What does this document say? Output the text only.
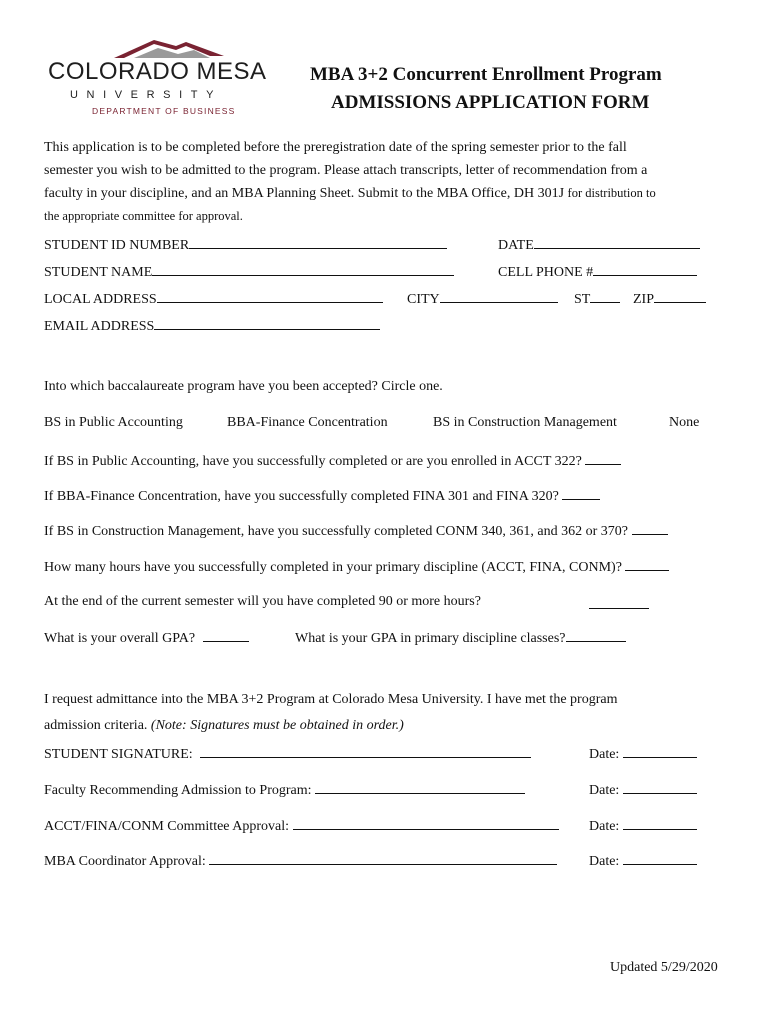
COLORADO MESA
UNIVERSITY
DEPARTMENT OF BUSINESS
MBA 3+2 Concurrent Enrollment Program
ADMISSIONS APPLICATION FORM
This application is to be completed before the preregistration date of the spring semester prior to the fall
semester you wish to be admitted to the program. Please attach transcripts, letter of recommendation from a
faculty in your discipline, and an MBA Planning Sheet. Submit to the MBA Office, DH 301J for distribution to
the appropriate committee for approval.
STUDENT ID NUMBER	DATE
STUDENT NAME	CELL PHONE #
LOCAL ADDRESS	CITY	ST	ZIP
EMAIL ADDRESS
Into which baccalaureate program have you been accepted? Circle one.
BS in Public Accounting	BBA-Finance Concentration	BS in Construction Management	None
If BS in Public Accounting, have you successfully completed or are you enrolled in ACCT 322?
If BBA-Finance Concentration, have you successfully completed FINA 301 and FINA 320?
If BS in Construction Management, have you successfully completed CONM 340, 361, and 362 or 370?
How many hours have you successfully completed in your primary discipline (ACCT, FINA, CONM)?
At the end of the current semester will you have completed 90 or more hours?
What is your overall GPA?	What is your GPA in primary discipline classes?
I request admittance into the MBA 3+2 Program at Colorado Mesa University. I have met the program
admission criteria. (Note: Signatures must be obtained in order.)
STUDENT SIGNATURE:	Date:
Faculty Recommending Admission to Program:	Date:
ACCT/FINA/CONM Committee Approval:	Date:
MBA Coordinator Approval:	Date:
Updated 5/29/2020
